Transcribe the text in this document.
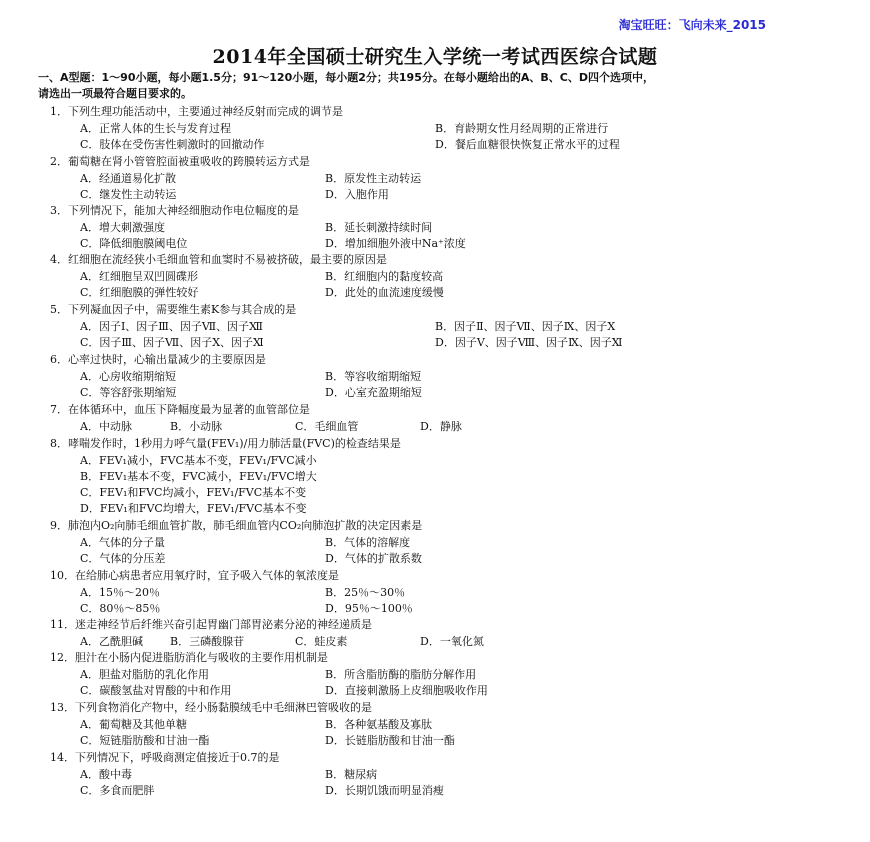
淘宝旺旺：飞向未来_2015
2014年全国硕士研究生入学统一考试西医综合试题
一、A型题：1～90小题，每小题1.5分；91～120小题，每小题2分；共195分。在每小题给出的A、B、C、D四个选项中，
请选出一项最符合题目要求的。
1．下列生理功能活动中，主要通过神经反射而完成的调节是
A．正常人体的生长与发育过程	B．育龄期女性月经周期的正常进行
C．肢体在受伤害性刺激时的回撤动作	D．餐后血糖很快恢复正常水平的过程
2．葡萄糖在肾小管管腔面被重吸收的跨膜转运方式是
A．经通道易化扩散	B．原发性主动转运
C．继发性主动转运	D．入胞作用
3．下列情况下，能加大神经细胞动作电位幅度的是
A．增大刺激强度	B．延长刺激持续时间
C．降低细胞膜阈电位	D．增加细胞外液中Na⁺浓度
4．红细胞在流经狭小毛细血管和血窦时不易被挤破，最主要的原因是
A．红细胞呈双凹圆碟形	B．红细胞内的黏度较高
C．红细胞膜的弹性较好	D．此处的血流速度缓慢
5．下列凝血因子中，需要维生素K参与其合成的是
A．因子Ⅰ、因子Ⅲ、因子Ⅶ、因子Ⅻ	B．因子Ⅱ、因子Ⅶ、因子Ⅸ、因子Ⅹ
C．因子Ⅲ、因子Ⅶ、因子Ⅹ、因子Ⅺ	D．因子Ⅴ、因子Ⅷ、因子Ⅸ、因子Ⅺ
6．心率过快时，心输出量减少的主要原因是
A．心房收缩期缩短	B．等容收缩期缩短
C．等容舒张期缩短	D．心室充盈期缩短
7．在体循环中，血压下降幅度最为显著的血管部位是
A．中动脉	B．小动脉	C．毛细血管	D．静脉
8．哮喘发作时，1秒用力呼气量(FEV₁)/用力肺活量(FVC)的检查结果是
A．FEV₁减小，FVC基本不变，FEV₁/FVC减小
B．FEV₁基本不变，FVC减小，FEV₁/FVC增大
C．FEV₁和FVC均减小，FEV₁/FVC基本不变
D．FEV₁和FVC均增大，FEV₁/FVC基本不变
9．肺泡内O₂向肺毛细血管扩散，肺毛细血管内CO₂向肺泡扩散的决定因素是
A．气体的分子量	B．气体的溶解度
C．气体的分压差	D．气体的扩散系数
10．在给肺心病患者应用氧疗时，宜予吸入气体的氧浓度是
A．15％～20％	B．25％～30％
C．80％～85％	D．95％～100％
11．迷走神经节后纤维兴奋引起胃幽门部胃泌素分泌的神经递质是
A．乙酰胆碱 B．三磷酸腺苷	C．蛙皮素	D．一氧化氮
12．胆汁在小肠内促进脂肪消化与吸收的主要作用机制是
A．胆盐对脂肪的乳化作用	B．所含脂肪酶的脂肪分解作用
C．碳酸氢盐对胃酸的中和作用	D．直接刺激肠上皮细胞吸收作用
13．下列食物消化产物中，经小肠黏膜绒毛中毛细淋巴管吸收的是
A．葡萄糖及其他单糖	B．各种氨基酸及寡肽
C．短链脂肪酸和甘油一酯	D．长链脂肪酸和甘油一酯
14．下列情况下，呼吸商测定值接近于0.7的是
A．酸中毒	B．糖尿病
C．多食而肥胖	D．长期饥饿而明显消瘦
